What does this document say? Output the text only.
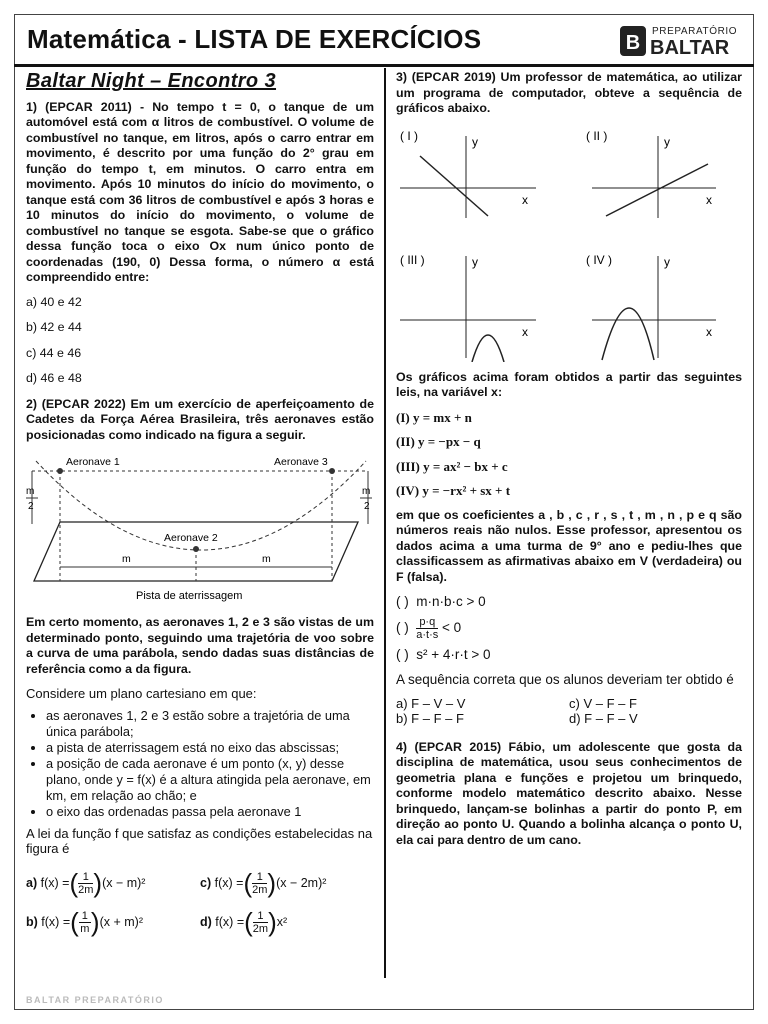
Matemática - LISTA DE EXERCÍCIOS	B
PREPARATÓRIO
BALTAR
Baltar Night – Encontro 3

1) (EPCAR 2011) - No tempo t = 0, o tanque de um automóvel está com α litros de combustível. O volume de combustível no tanque, em litros, após o carro entrar em movimento, é descrito por uma função do 2° grau em função do tempo t, em minutos. O carro entra em movimento. Após 10 minutos do início do movimento, o tanque está com 36 litros de combustível e após 3 horas e 10 minutos do início do movimento, o volume de combustível no tanque se esgota. Sabe-se que o gráfico dessa função toca o eixo Ox num único ponto de coordenadas (190, 0) Dessa forma, o número α está compreendido entre:

a) 40 e 42
b) 42 e 44
c) 44 e 46
d) 46 e 48

2) (EPCAR 2022) Em um exercício de aperfeiçoamento de Cadetes da Força Aérea Brasileira, três aeronaves estão posicionadas como indicado na figura a seguir.

Aeronave 1	Aeronave 3
Aeronave 2
m	m
m
2
m
2
Pista de aterrissagem

Em certo momento, as aeronaves 1, 2 e 3 são vistas de um determinado ponto, seguindo uma trajetória de voo sobre a curva de uma parábola, sendo dadas suas distâncias de referência como a da figura.

Considere um plano cartesiano em que:
• as aeronaves 1, 2 e 3 estão sobre a trajetória de uma única parábola;
• a pista de aterrissagem está no eixo das abscissas;
• a posição de cada aeronave é um ponto (x, y) desse plano, onde y = f(x) é a altura atingida pela aeronave, em km, em relação ao chão; e
• o eixo das ordenadas passa pela aeronave 1
A lei da função f que satisfaz as condições estabelecidas na figura é
a) f(x) =( $\frac{1}{2m})(x - m)^2$	c) f(x) =( $\frac{1}{2m})(x - 2m)^2$
b) f(x) =( $\frac{1}{m})(x + m)^2$	d) f(x) =( $\frac{1}{2m})x^2$

3) (EPCAR 2019) Um professor de matemática, ao utilizar um programa de computador, obteve a sequência de gráficos abaixo.

( I )	y
x
( II )	y
x
( III )	y
x
( IV )	y
x

Os gráficos acima foram obtidos a partir das seguintes leis, na variável x:

(I) y = mx + n
(II) y = −px − q
(III) y = ax² − bx + c
(IV) y = −rx² + sx + t

em que os coeficientes a , b , c , r , s , t , m , n , p e q são números reais não nulos. Esse professor, apresentou os dados acima a uma turma de 9° ano e pediu-lhes que classificassem as afirmativas abaixo em V (verdadeira) ou F (falsa).

( ) m·n·b·c > 0
( ) $\frac{p\cdot q}{a\cdot t\cdot s} < 0$
( ) s² + 4·r·t > 0
A sequência correta que os alunos deveriam ter obtido é
a) F – V – V	c) V – F – F
b) F – F – F	d) F – F – V

4) (EPCAR 2015) Fábio, um adolescente que gosta da disciplina de matemática, usou seus conhecimentos de geometria plana e funções e projetou um brinquedo, conforme modelo matemático descrito abaixo. Nesse brinquedo, lançam-se bolinhas a partir do ponto P, em direção ao ponto U. Quando a bolinha alcança o ponto U, ela cai para dentro de um cano.

BALTAR PREPARATÓRIO
